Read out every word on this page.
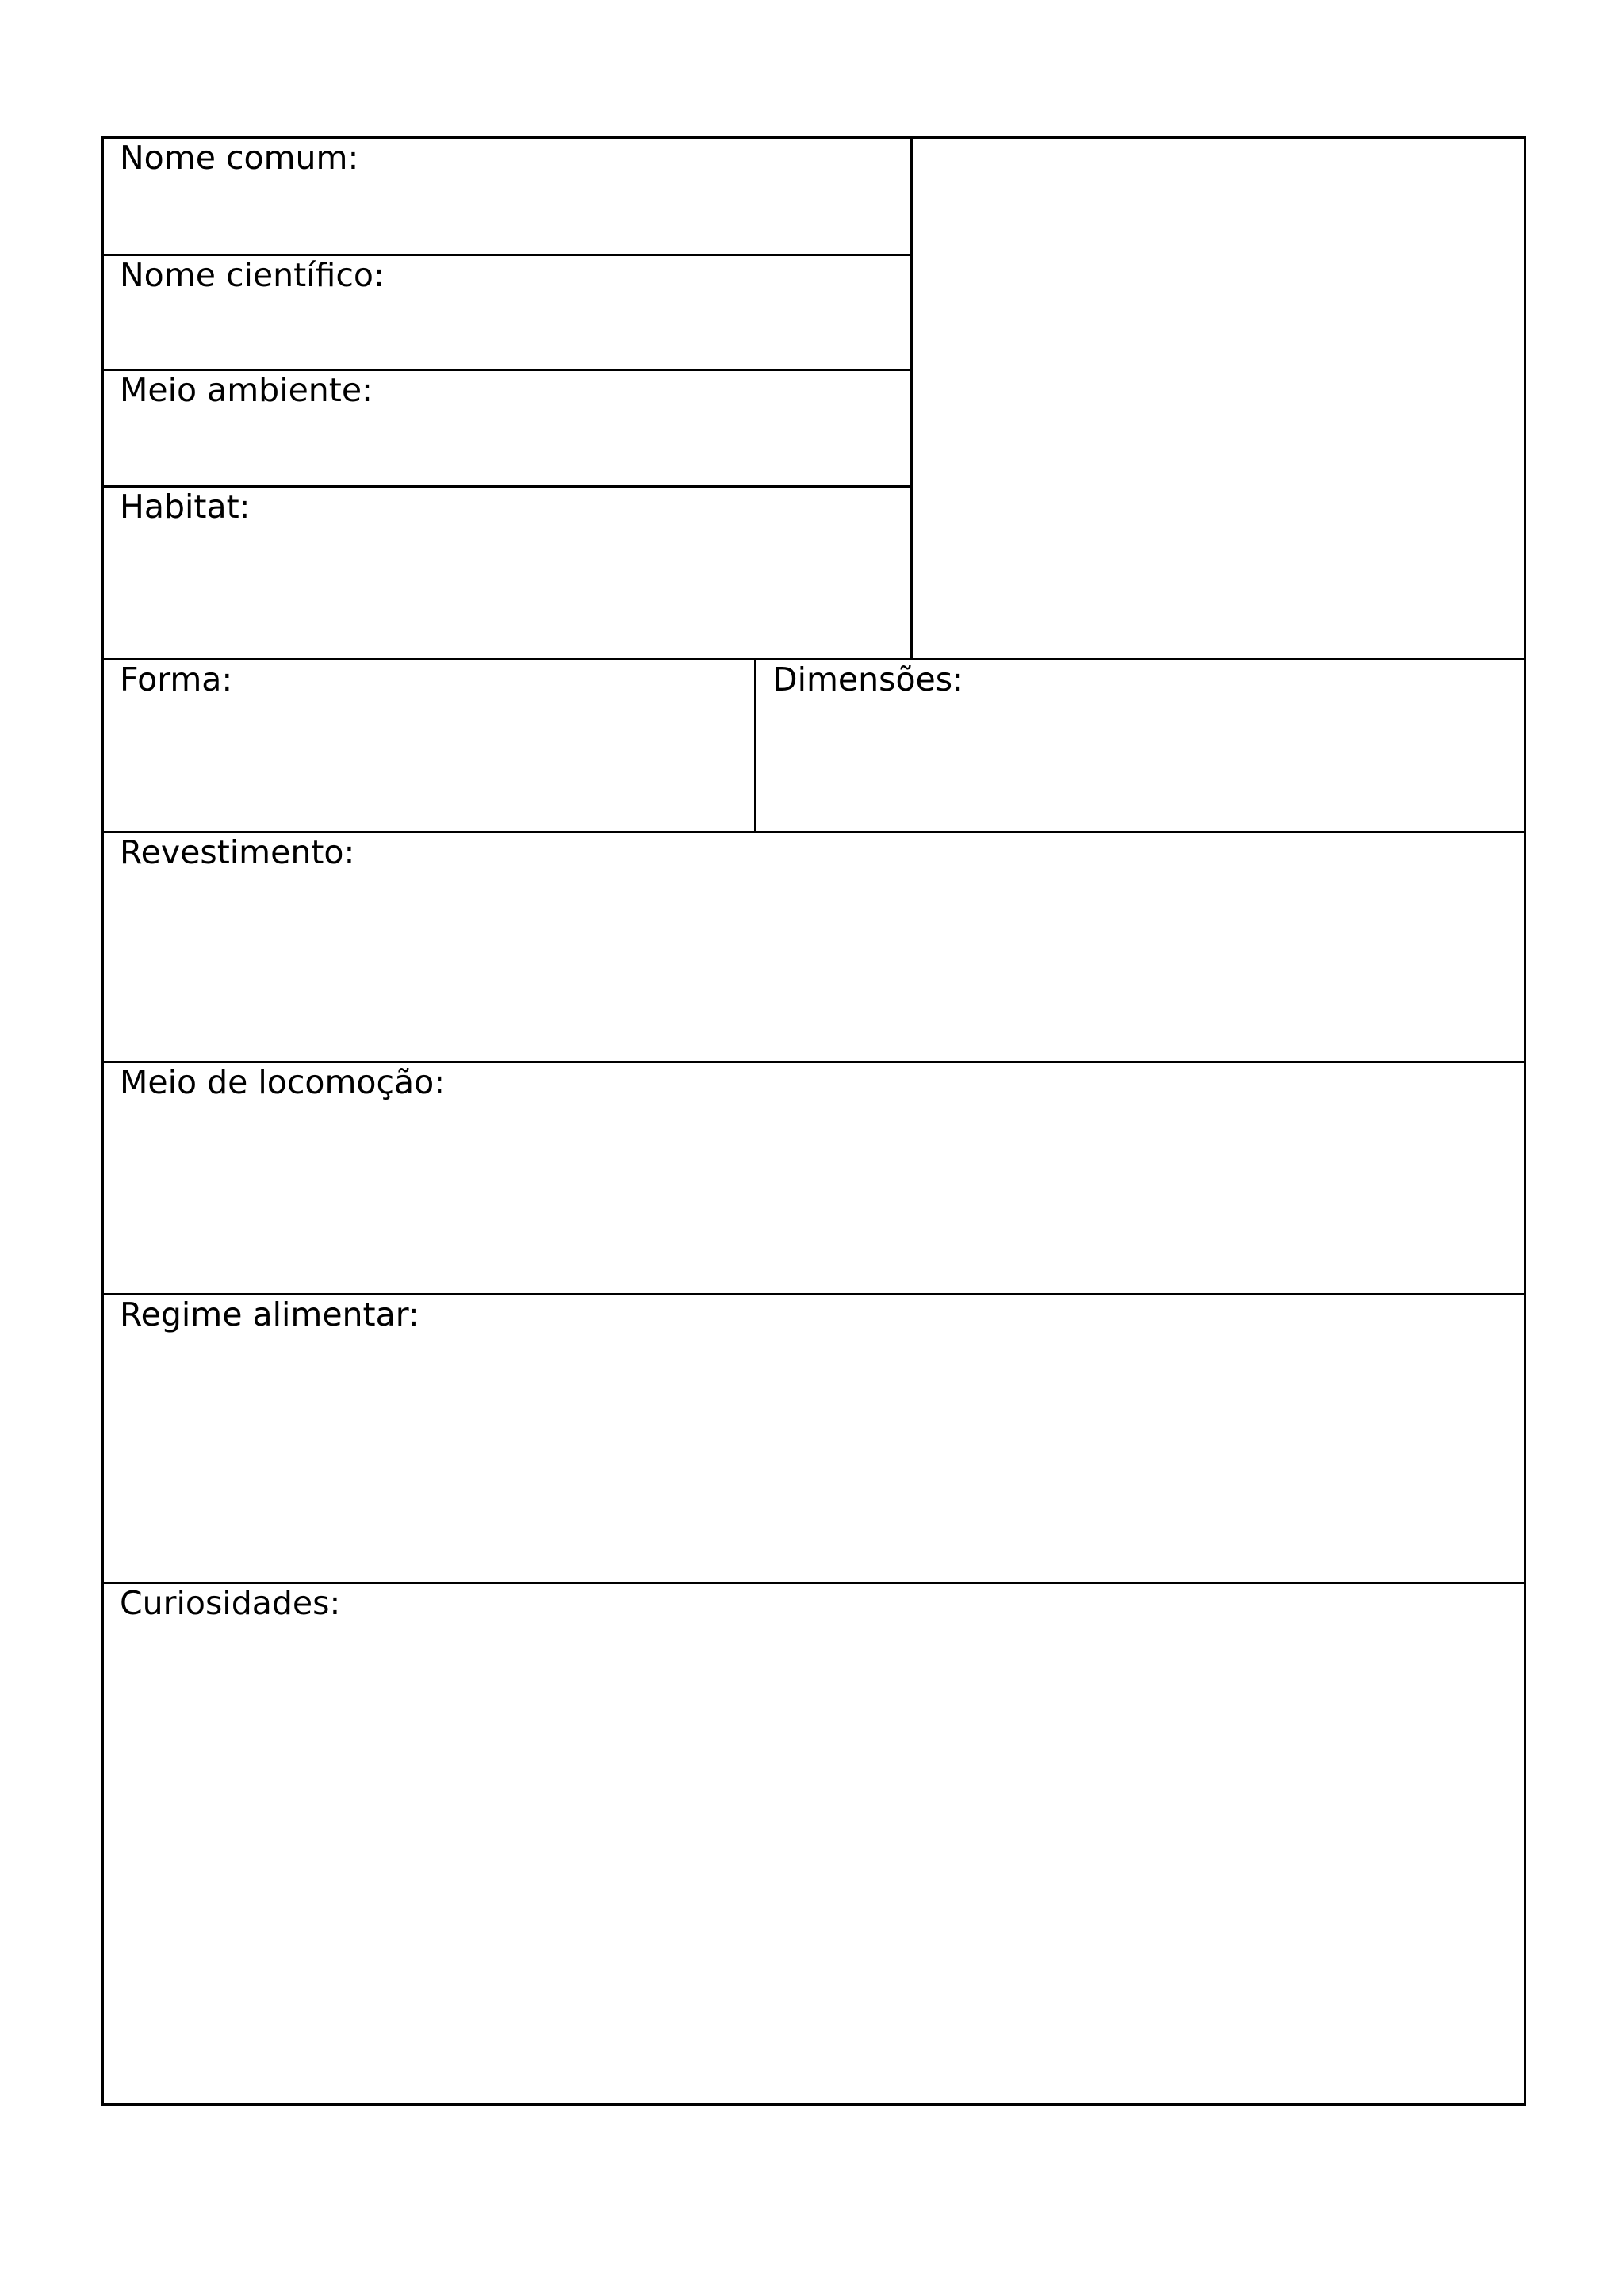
Nome comum:
Nome científico:
Meio ambiente:
Habitat:
Forma:	Dimensões:
Revestimento:
Meio de locomoção:
Regime alimentar:
Curiosidades:
